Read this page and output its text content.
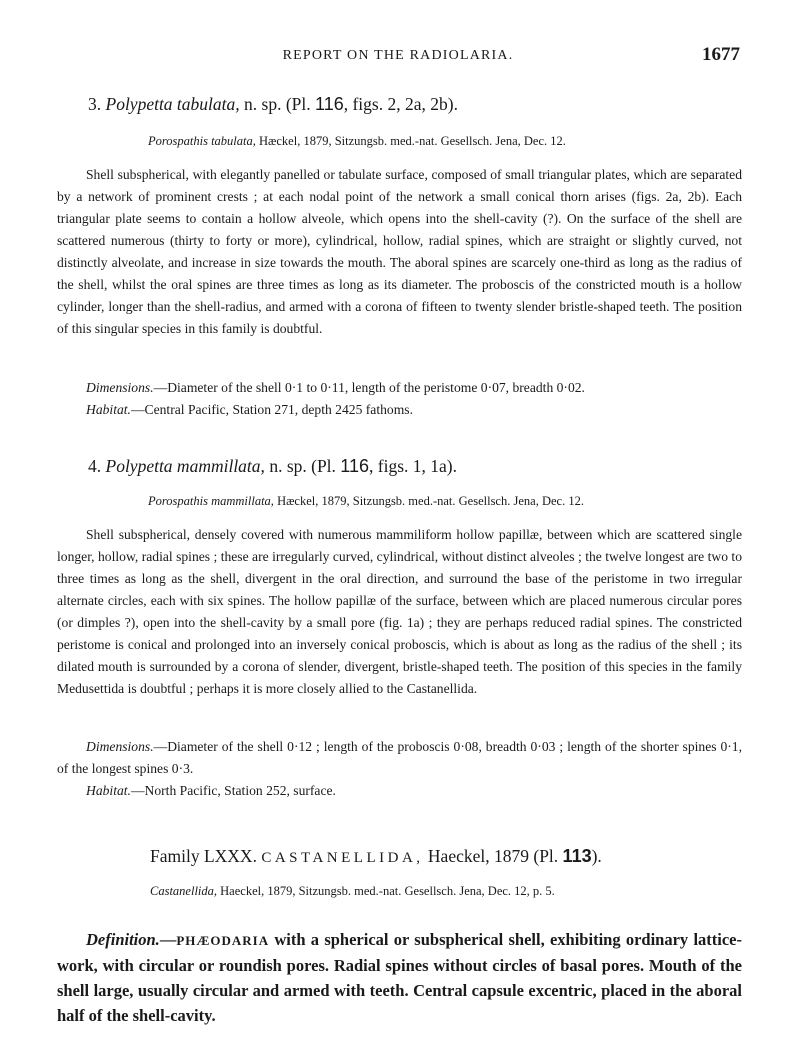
REPORT ON THE RADIOLARIA.	1677
3. Polypetta tabulata, n. sp. (Pl. 116, figs. 2, 2a, 2b).
Porospathis tabulata, Hæckel, 1879, Sitzungsb. med.-nat. Gesellsch. Jena, Dec. 12.

Shell subspherical, with elegantly panelled or tabulate surface, composed of small triangular plates, which are separated by a network of prominent crests ; at each nodal point of the network a small conical thorn arises (figs. 2a, 2b). Each triangular plate seems to contain a hollow alveole, which opens into the shell-cavity (?). On the surface of the shell are scattered numerous (thirty to forty or more), cylindrical, hollow, radial spines, which are straight or slightly curved, not distinctly alveolate, and increase in size towards the mouth. The aboral spines are scarcely one-third as long as the radius of the shell, whilst the oral spines are three times as long as its diameter. The proboscis of the constricted mouth is a hollow cylinder, longer than the shell-radius, and armed with a corona of fifteen to twenty slender bristle-shaped teeth. The position of this singular species in this family is doubtful.

Dimensions.—Diameter of the shell 0·1 to 0·11, length of the peristome 0·07, breadth 0·02.
Habitat.—Central Pacific, Station 271, depth 2425 fathoms.
4. Polypetta mammillata, n. sp. (Pl. 116, figs. 1, 1a).
Porospathis mammillata, Hæckel, 1879, Sitzungsb. med.-nat. Gesellsch. Jena, Dec. 12.

Shell subspherical, densely covered with numerous mammiliform hollow papillæ, between which are scattered single longer, hollow, radial spines ; these are irregularly curved, cylindrical, without distinct alveoles ; the twelve longest are two to three times as long as the shell, divergent in the oral direction, and surround the base of the peristome in two irregular alternate circles, each with six spines. The hollow papillæ of the surface, between which are placed numerous circular pores (or dimples ?), open into the shell-cavity by a small pore (fig. 1a) ; they are perhaps reduced radial spines. The constricted peristome is conical and prolonged into an inversely conical proboscis, which is about as long as the radius of the shell ; its dilated mouth is surrounded by a corona of slender, divergent, bristle-shaped teeth. The position of this species in the family Medusettida is doubtful ; perhaps it is more closely allied to the Castanellida.

Dimensions.—Diameter of the shell 0·12 ; length of the proboscis 0·08, breadth 0·03 ; length of the shorter spines 0·1, of the longest spines 0·3.
Habitat.—North Pacific, Station 252, surface.
Family LXXX. CASTANELLIDA, Haeckel, 1879 (Pl. 113).
Castanellida, Haeckel, 1879, Sitzungsb. med.-nat. Gesellsch. Jena, Dec. 12, p. 5.

Definition.—PHÆODARIA with a spherical or subspherical shell, exhibiting ordinary lattice-work, with circular or roundish pores. Radial spines without circles of basal pores. Mouth of the shell large, usually circular and armed with teeth. Central capsule excentric, placed in the aboral half of the shell-cavity.
